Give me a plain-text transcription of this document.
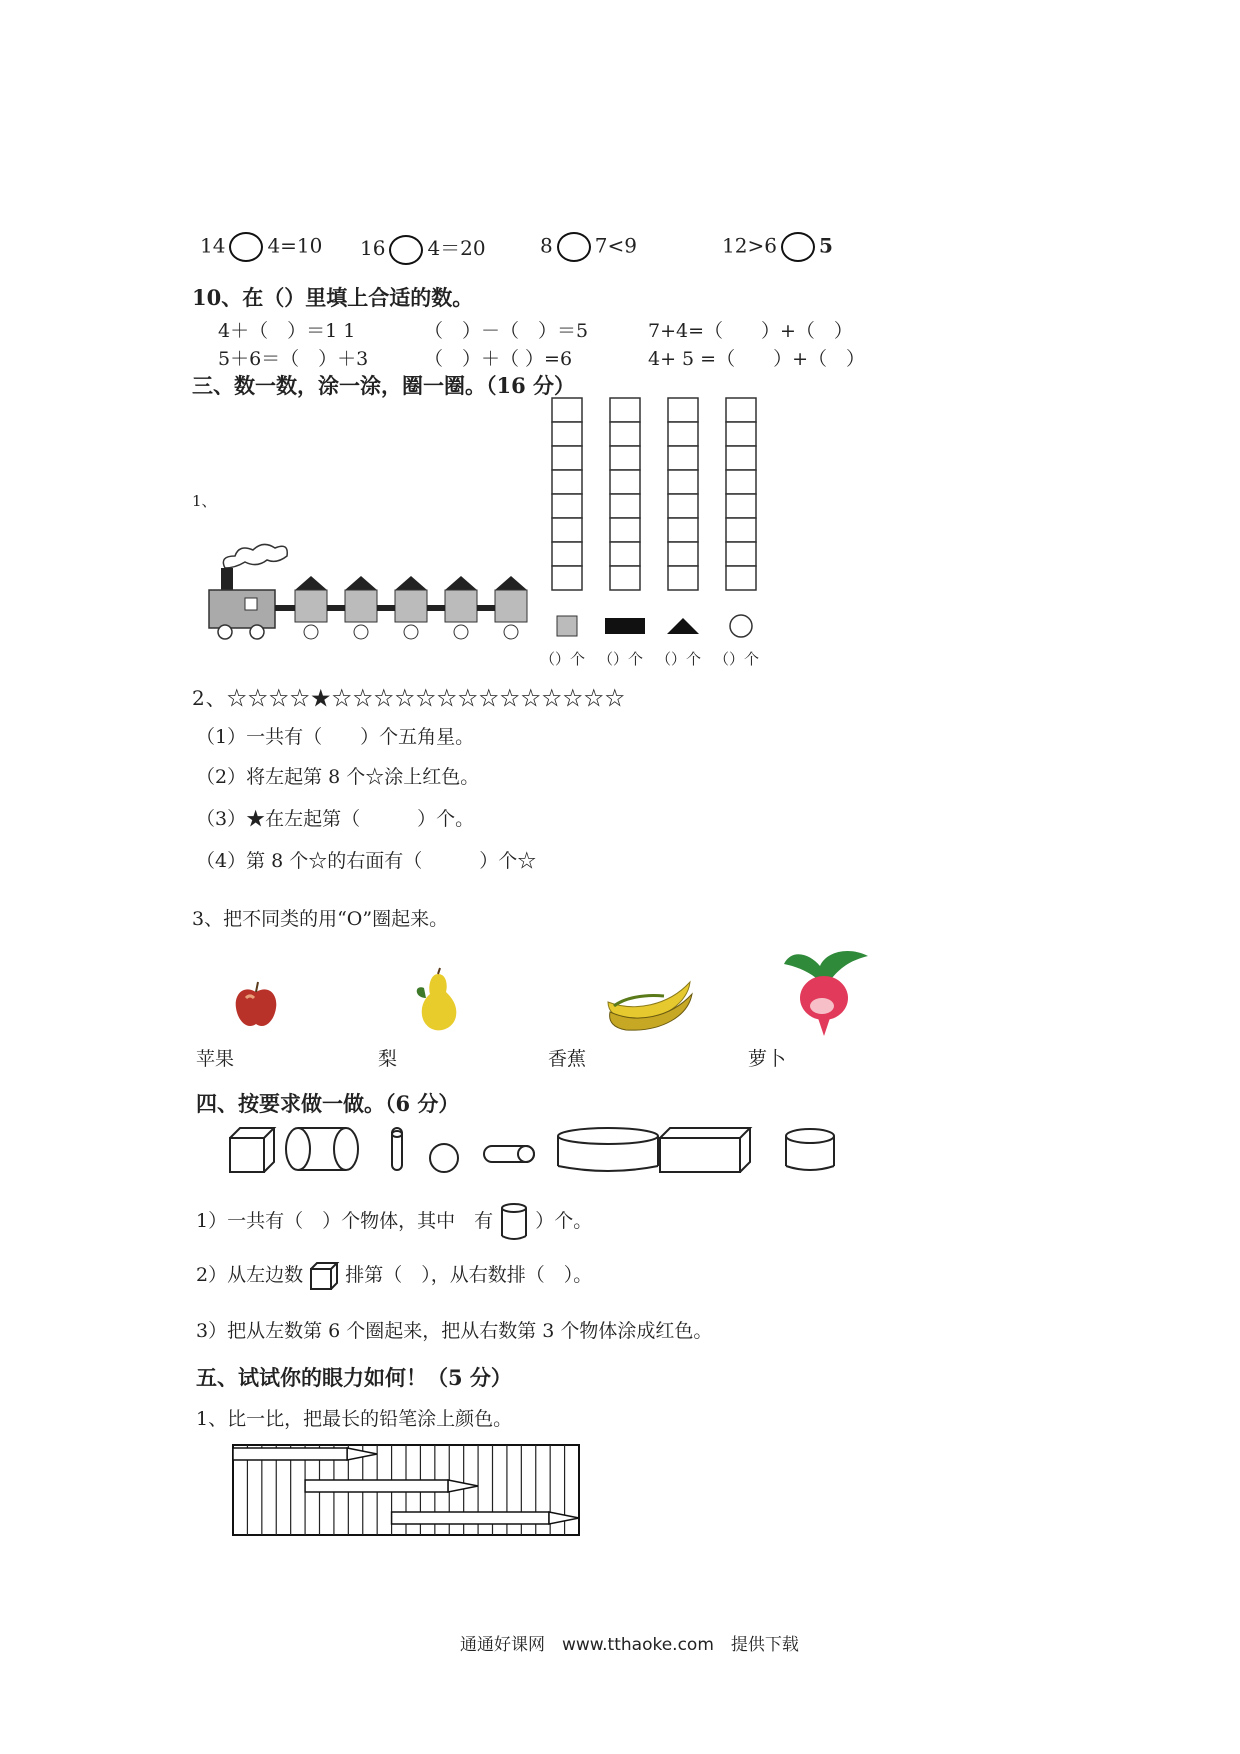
14 4=10 16 4＝20	8 7<9	12>6 5
10、在（）里填上合适的数。
4＋（　）＝1 1	（　）－（　）＝5	7+4=（　　）+（　）
5＋6＝（　）＋3	（　）＋（ ）=6	4+ 5 =（　　）+（　）
三、数一数，涂一涂，圈一圈。（16 分）
1、
（）个 （）个 （）个 （）个
2、☆☆☆☆★☆☆☆☆☆☆☆☆☆☆☆☆☆☆
（1）一共有（　　）个五角星。
（2）将左起第 8 个☆涂上红色。
（3）★在左起第（　　　）个。
（4）第 8 个☆的右面有（　　　）个☆
3、把不同类的用“O”圈起来。
苹果	梨	香蕉	萝卜
四、按要求做一做。（6 分）
1）一共有（　）个物体，其中　有 ）个。
2）从左边数 排第（　），从右数排（　）。
3）把从左数第 6 个圈起来，把从右数第 3 个物体涂成红色。
五、试试你的眼力如何！（5 分）
1、比一比，把最长的铅笔涂上颜色。
通通好课网　www.tthaoke.com　提供下载
